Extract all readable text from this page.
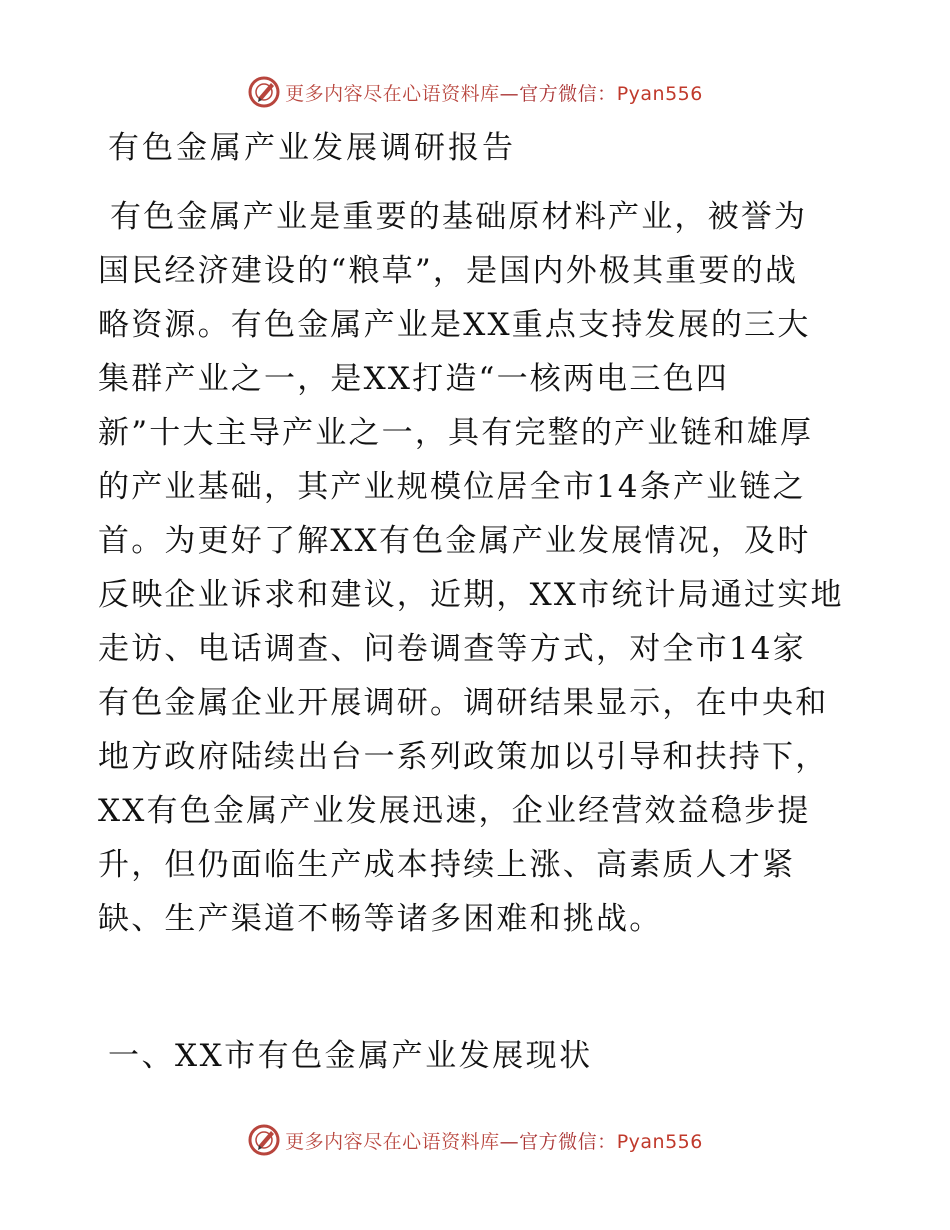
更多内容尽在心语资料库—官方微信：Pyan556
有色金属产业发展调研报告
有色金属产业是重要的基础原材料产业，被誉为
国民经济建设的“粮草”，是国内外极其重要的战
略资源。有色金属产业是XX重点支持发展的三大
集群产业之一，是XX打造“一核两电三色四
新”十大主导产业之一，具有完整的产业链和雄厚
的产业基础，其产业规模位居全市14条产业链之
首。为更好了解XX有色金属产业发展情况，及时
反映企业诉求和建议，近期，XX市统计局通过实地
走访、电话调查、问卷调查等方式，对全市14家
有色金属企业开展调研。调研结果显示，在中央和
地方政府陆续出台一系列政策加以引导和扶持下，
XX有色金属产业发展迅速，企业经营效益稳步提
升，但仍面临生产成本持续上涨、高素质人才紧
缺、生产渠道不畅等诸多困难和挑战。
一、XX市有色金属产业发展现状
更多内容尽在心语资料库—官方微信：Pyan556
